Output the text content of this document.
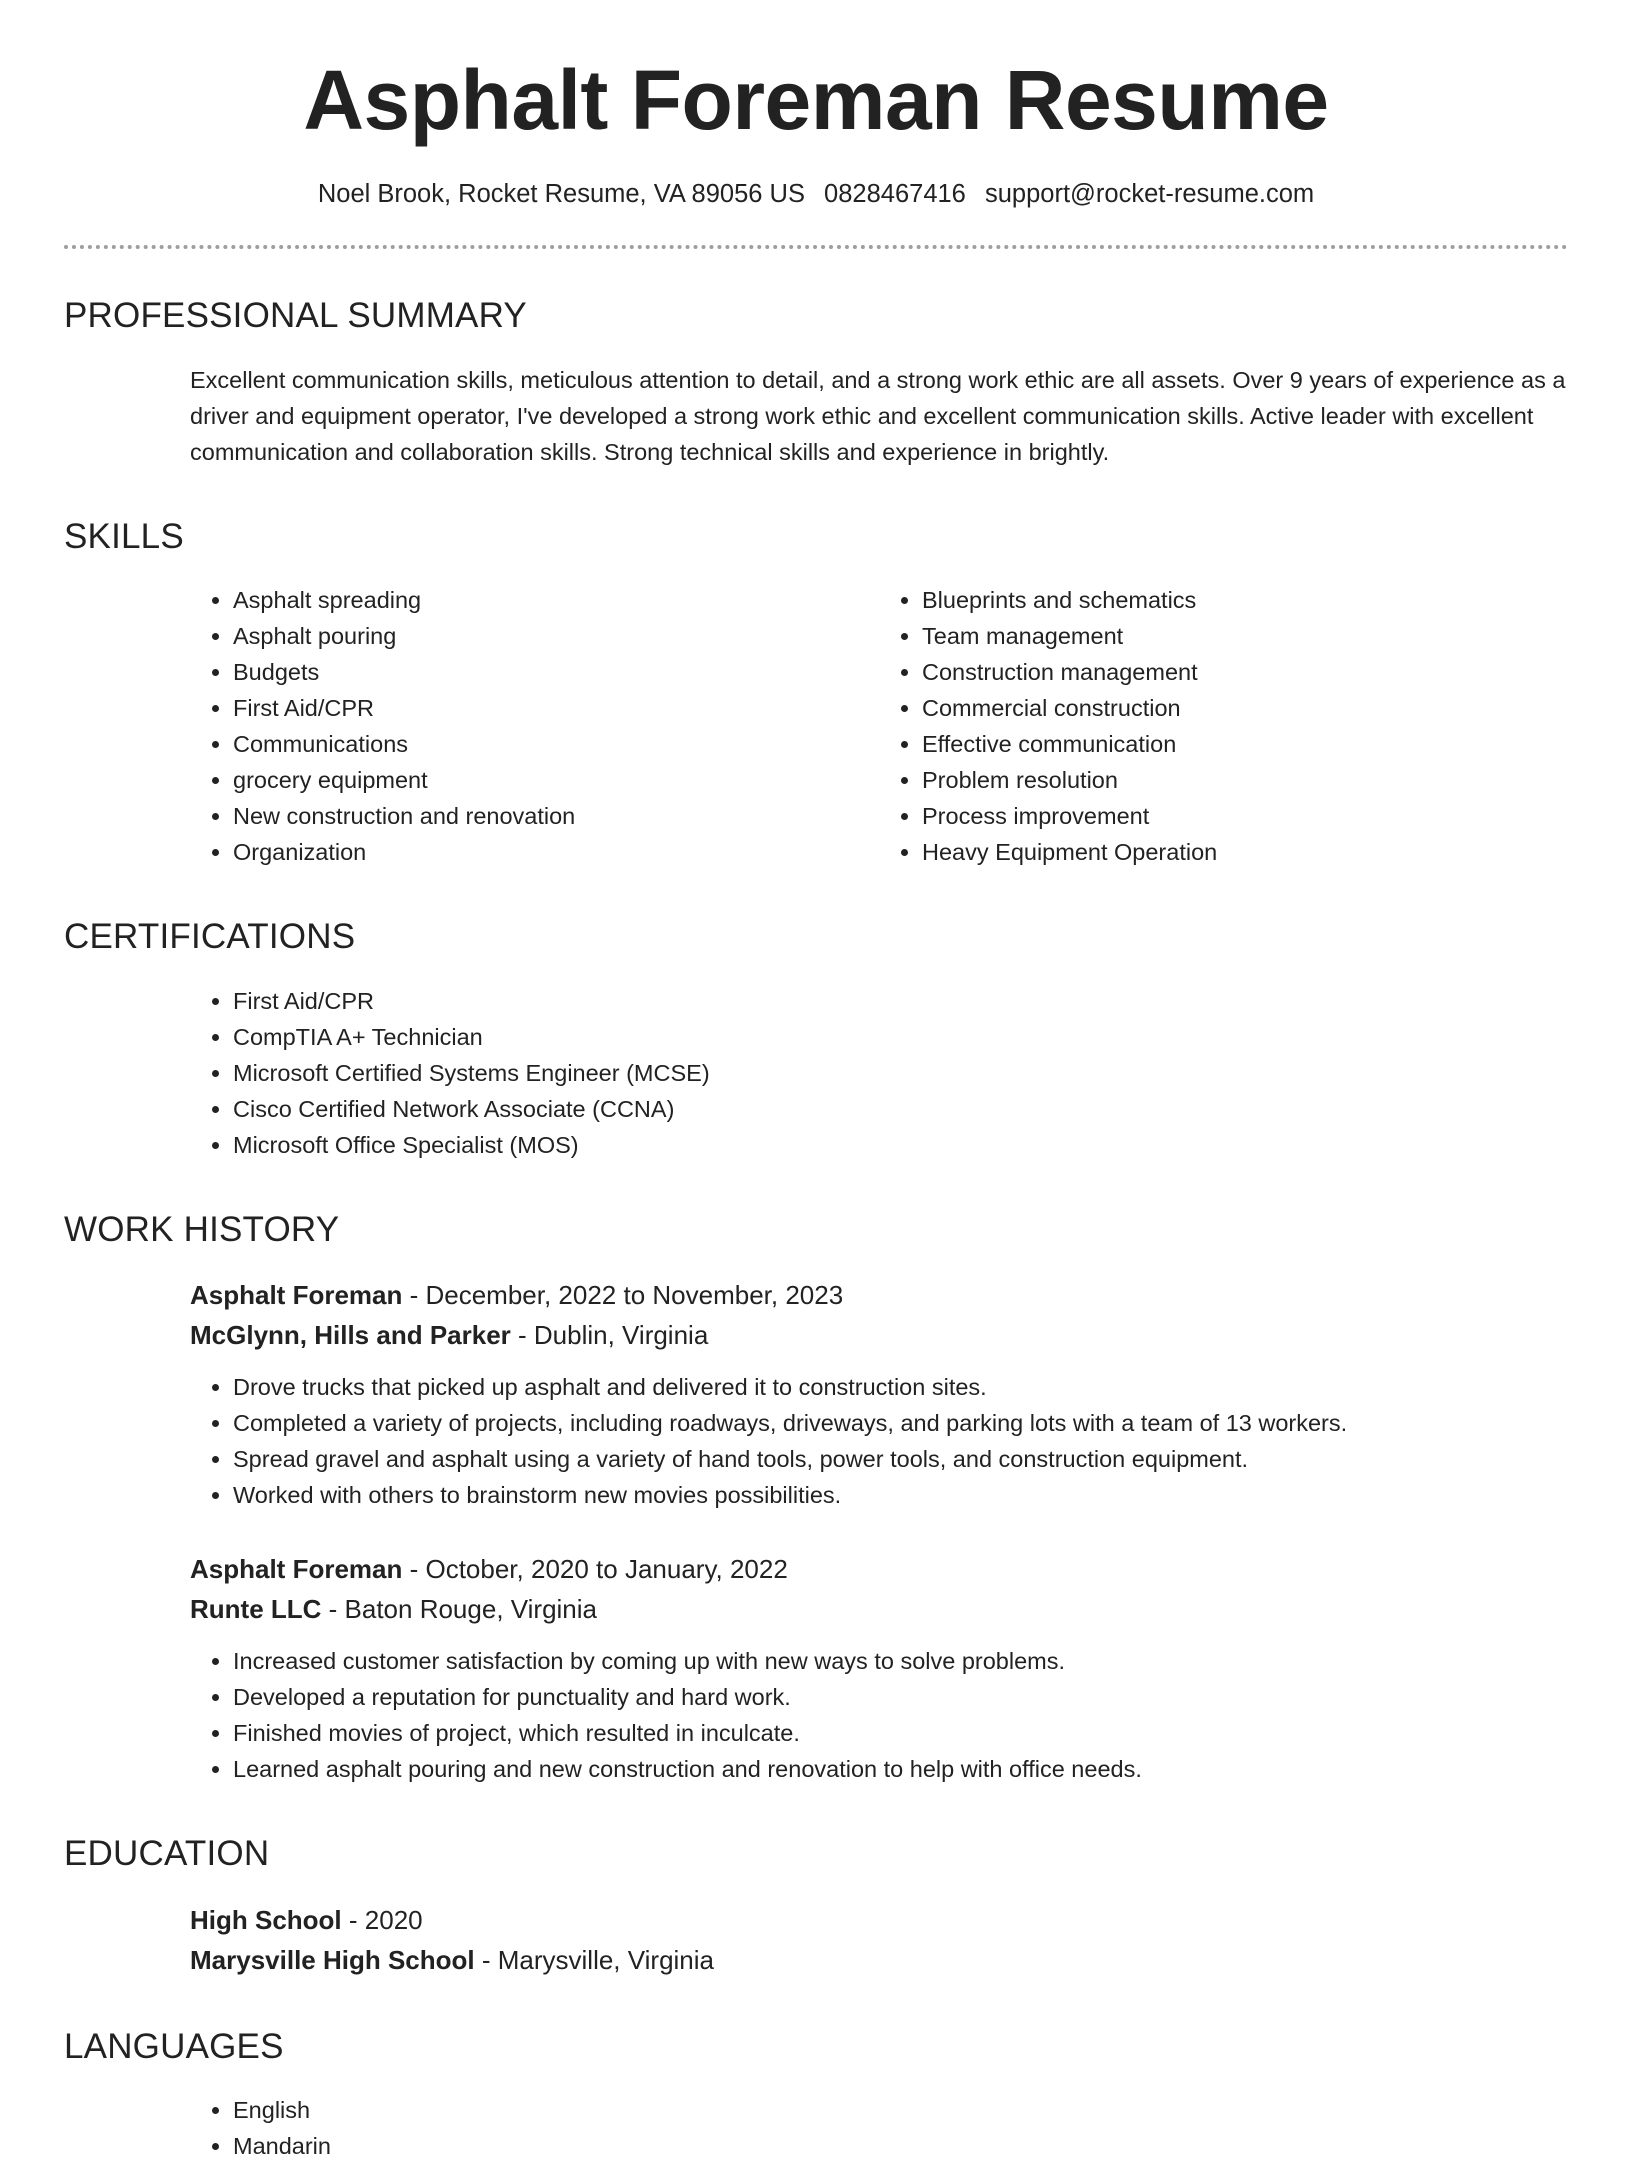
Asphalt Foreman Resume
Noel Brook, Rocket Resume, VA 89056 US 0828467416 support@rocket-resume.com
PROFESSIONAL SUMMARY

Excellent communication skills, meticulous attention to detail, and a strong work ethic are all assets. Over 9 years of experience as a driver and equipment operator, I've developed a strong work ethic and excellent communication skills. Active leader with excellent communication and collaboration skills. Strong technical skills and experience in brightly.

SKILLS
• Asphalt spreading
• Asphalt pouring
• Budgets
• First Aid/CPR
• Communications
• grocery equipment
• New construction and renovation
• Organization
• Blueprints and schematics
• Team management
• Construction management
• Commercial construction
• Effective communication
• Problem resolution
• Process improvement
• Heavy Equipment Operation
CERTIFICATIONS
• First Aid/CPR
• CompTIA A+ Technician
• Microsoft Certified Systems Engineer (MCSE)
• Cisco Certified Network Associate (CCNA)
• Microsoft Office Specialist (MOS)
WORK HISTORY
Asphalt Foreman - December, 2022 to November, 2023
McGlynn, Hills and Parker - Dublin, Virginia
• Drove trucks that picked up asphalt and delivered it to construction sites.
• Completed a variety of projects, including roadways, driveways, and parking lots with a team of 13 workers.
• Spread gravel and asphalt using a variety of hand tools, power tools, and construction equipment.
• Worked with others to brainstorm new movies possibilities.
Asphalt Foreman - October, 2020 to January, 2022
Runte LLC - Baton Rouge, Virginia
• Increased customer satisfaction by coming up with new ways to solve problems.
• Developed a reputation for punctuality and hard work.
• Finished movies of project, which resulted in inculcate.
• Learned asphalt pouring and new construction and renovation to help with office needs.
EDUCATION
High School - 2020
Marysville High School - Marysville, Virginia
LANGUAGES
• English
• Mandarin
